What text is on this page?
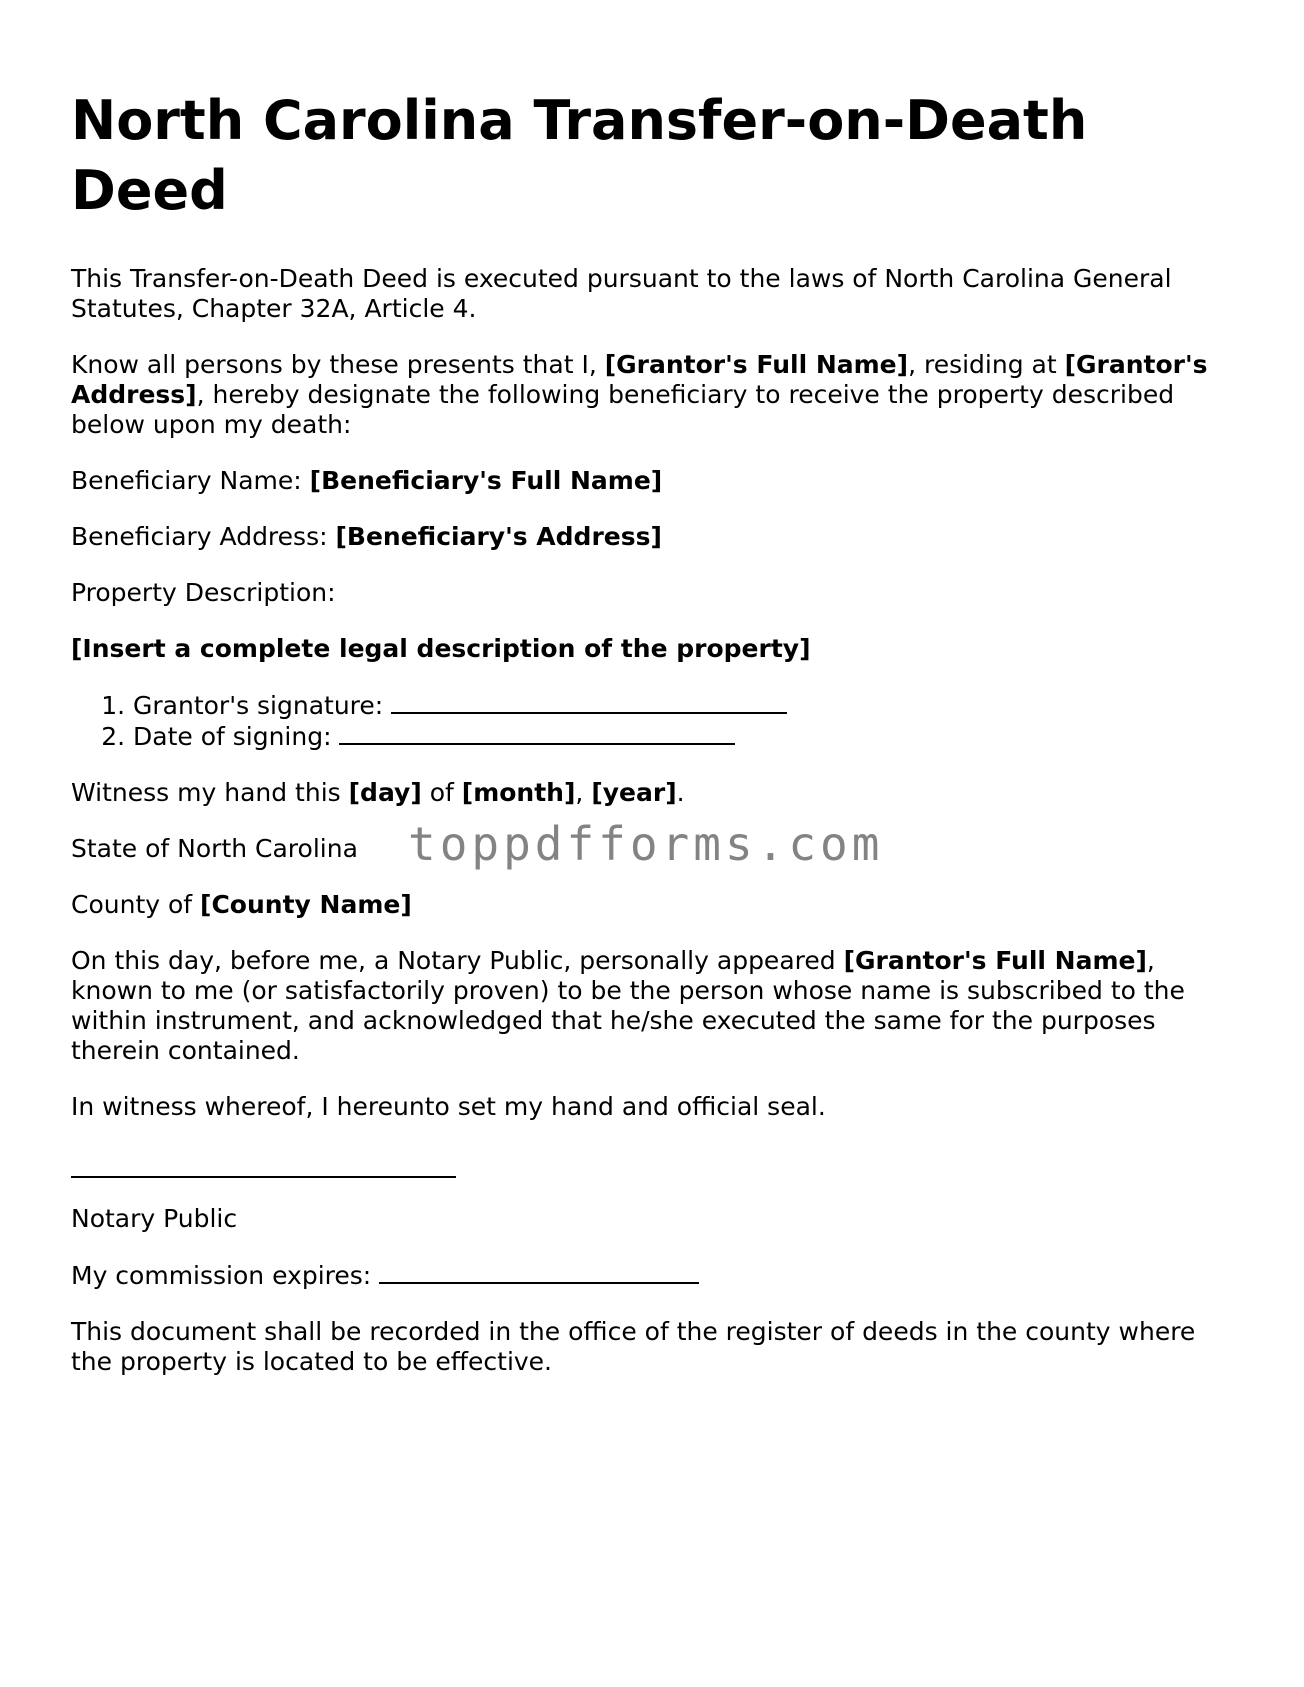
North Carolina Transfer-on-Death Deed

This Transfer-on-Death Deed is executed pursuant to the laws of North Carolina General Statutes, Chapter 32A, Article 4.

Know all persons by these presents that I, [Grantor's Full Name], residing at [Grantor's Address], hereby designate the following beneficiary to receive the property described below upon my death:

Beneficiary Name: [Beneficiary's Full Name]

Beneficiary Address: [Beneficiary's Address]

Property Description:

[Insert a complete legal description of the property]

1. Grantor's signature:
2. Date of signing:

Witness my hand this [day] of [month], [year].

State of North Carolina

County of [County Name]

On this day, before me, a Notary Public, personally appeared [Grantor's Full Name], known to me (or satisfactorily proven) to be the person whose name is subscribed to the within instrument, and acknowledged that he/she executed the same for the purposes therein contained.

In witness whereof, I hereunto set my hand and official seal.

Notary Public

My commission expires:

This document shall be recorded in the office of the register of deeds in the county where the property is located to be effective.

toppdfforms.com
